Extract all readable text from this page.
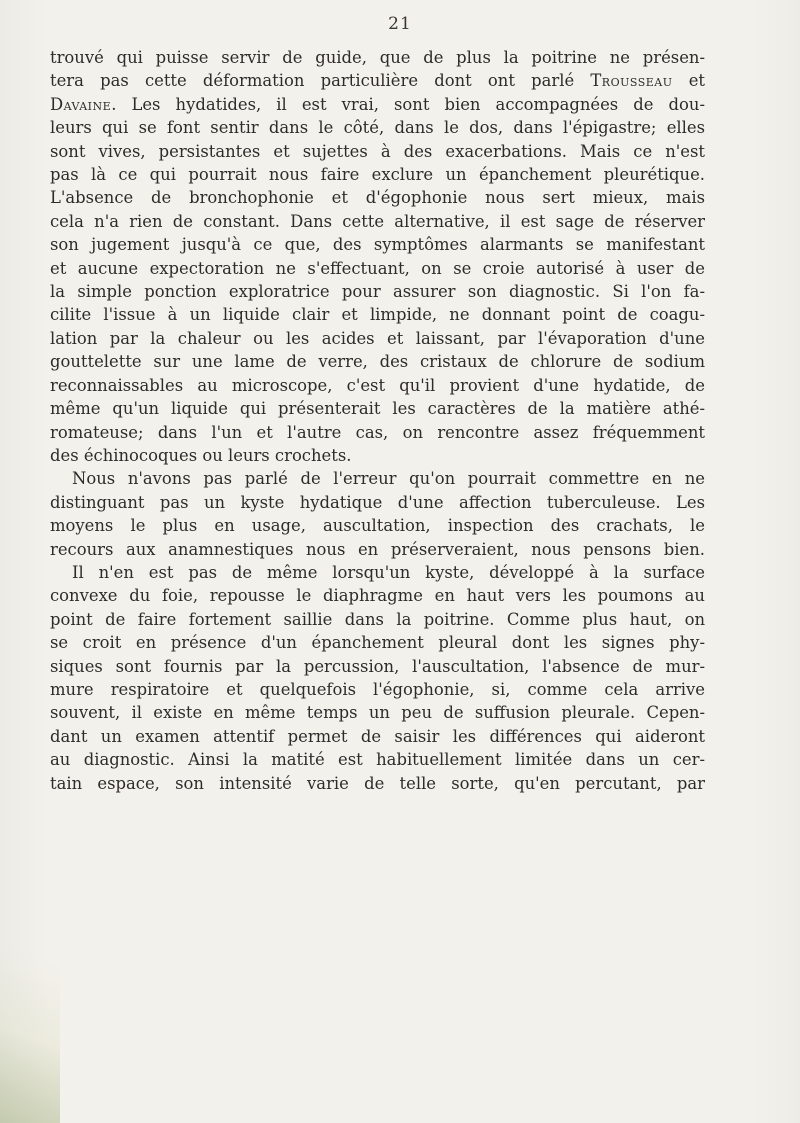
21
trouvé qui puisse servir de guide, que de plus la poitrine ne présen-
tera pas cette déformation particulière dont ont parlé Trousseau et
Davaine. Les hydatides, il est vrai, sont bien accompagnées de dou-
leurs qui se font sentir dans le côté, dans le dos, dans l'épigastre; elles
sont vives, persistantes et sujettes à des exacerbations. Mais ce n'est
pas là ce qui pourrait nous faire exclure un épanchement pleurétique.
L'absence de bronchophonie et d'égophonie nous sert mieux, mais
cela n'a rien de constant. Dans cette alternative, il est sage de réserver
son jugement jusqu'à ce que, des symptômes alarmants se manifestant
et aucune expectoration ne s'effectuant, on se croie autorisé à user de
la simple ponction exploratrice pour assurer son diagnostic. Si l'on fa-
cilite l'issue à un liquide clair et limpide, ne donnant point de coagu-
lation par la chaleur ou les acides et laissant, par l'évaporation d'une
gouttelette sur une lame de verre, des cristaux de chlorure de sodium
reconnaissables au microscope, c'est qu'il provient d'une hydatide, de
même qu'un liquide qui présenterait les caractères de la matière athé-
romateuse; dans l'un et l'autre cas, on rencontre assez fréquemment
des échinocoques ou leurs crochets.
Nous n'avons pas parlé de l'erreur qu'on pourrait commettre en ne
distinguant pas un kyste hydatique d'une affection tuberculeuse. Les
moyens le plus en usage, auscultation, inspection des crachats, le
recours aux anamnestiques nous en préserveraient, nous pensons bien.
Il n'en est pas de même lorsqu'un kyste, développé à la surface
convexe du foie, repousse le diaphragme en haut vers les poumons au
point de faire fortement saillie dans la poitrine. Comme plus haut, on
se croit en présence d'un épanchement pleural dont les signes phy-
siques sont fournis par la percussion, l'auscultation, l'absence de mur-
mure respiratoire et quelquefois l'égophonie, si, comme cela arrive
souvent, il existe en même temps un peu de suffusion pleurale. Cepen-
dant un examen attentif permet de saisir les différences qui aideront
au diagnostic. Ainsi la matité est habituellement limitée dans un cer-
tain espace, son intensité varie de telle sorte, qu'en percutant, par
